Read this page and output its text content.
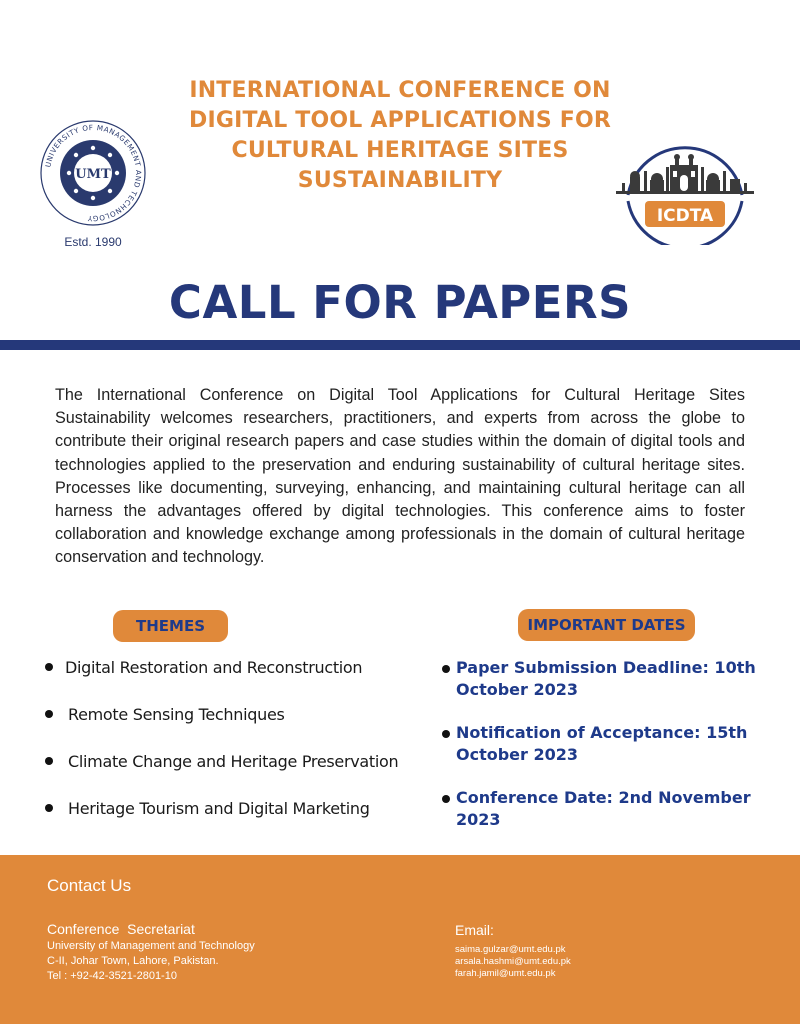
INTERNATIONAL CONFERENCE ON
DIGITAL TOOL APPLICATIONS FOR
CULTURAL HERITAGE SITES
SUSTAINABILITY
UNIVERSITY OF MANAGEMENT AND TECHNOLOGY
UMT
Estd. 1990
ICDTA
CALL FOR PAPERS

The International Conference on Digital Tool Applications for Cultural Heritage Sites Sustainability welcomes researchers, practitioners, and experts from across the globe to contribute their original research papers and case studies within the domain of digital tools and technologies applied to the preservation and enduring sustainability of cultural heritage sites. Processes like documenting, surveying, enhancing, and maintaining cultural heritage can all harness the advantages offered by digital technologies. This conference aims to foster collaboration and knowledge exchange among professionals in the domain of cultural heritage conservation and technology.

THEMES
Digital Restoration and Reconstruction
Remote Sensing Techniques
Climate Change and Heritage Preservation
Heritage Tourism and Digital Marketing
IMPORTANT DATES
Paper Submission Deadline: 10th October 2023
Notification of Acceptance: 15th October 2023
Conference Date: 2nd November 2023
Contact Us
Conference  Secretariat
University of Management and Technology
C-II, Johar Town, Lahore, Pakistan.
Tel : +92-42-3521-2801-10
Email:
saima.gulzar@umt.edu.pk
arsala.hashmi@umt.edu.pk
farah.jamil@umt.edu.pk
